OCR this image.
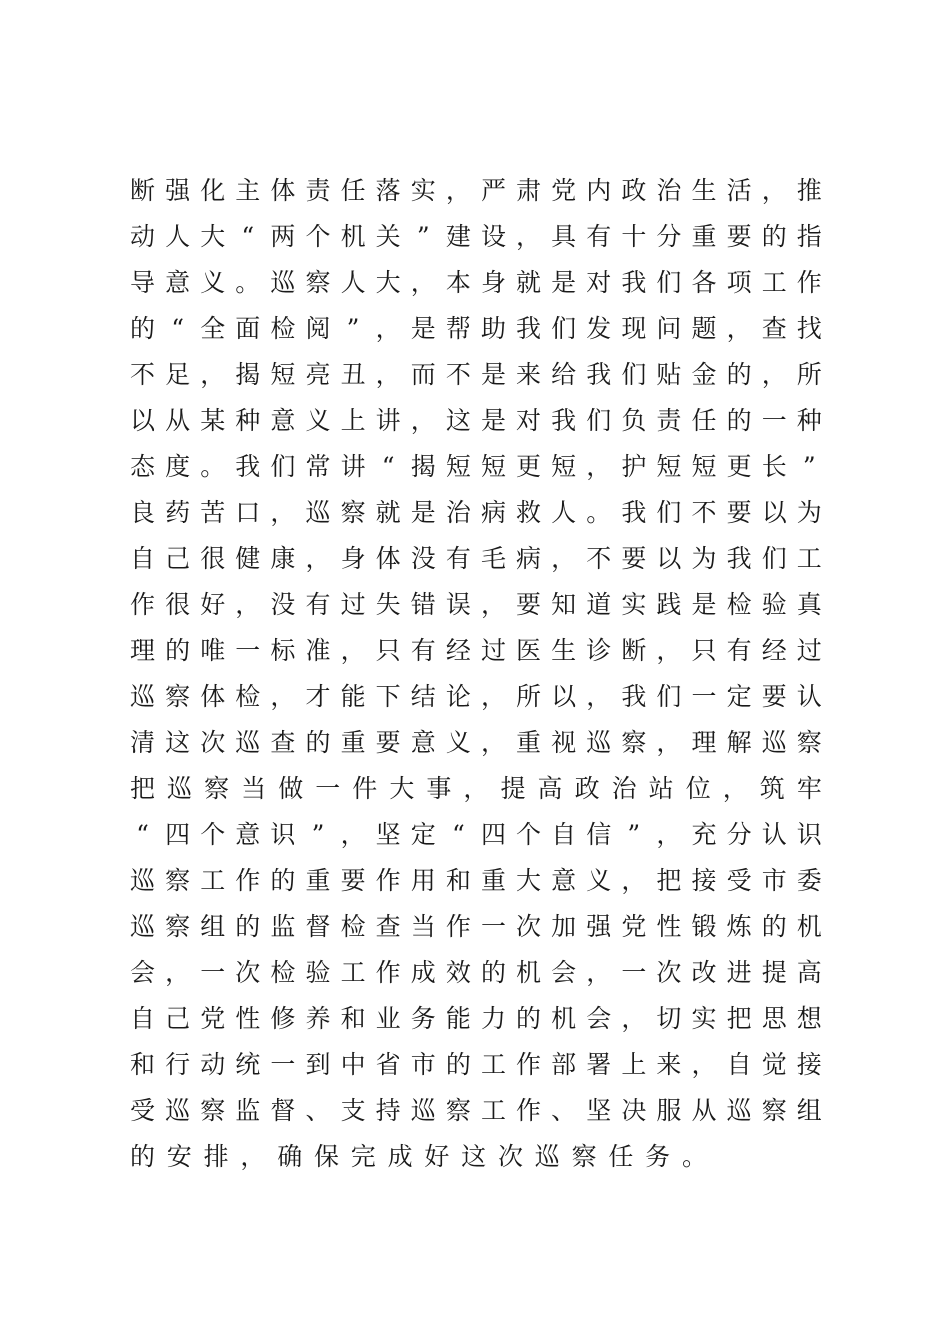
断 强 化 主 体 责 任 落 实 ， 严 肃 党 内 政 治 生 活 ， 推
动 人 大 “ 两 个 机 关 ” 建 设 ， 具 有 十 分 重 要 的 指
导 意 义 。 巡 察 人 大 ， 本 身 就 是 对 我 们 各 项 工 作
的 “ 全 面 检 阅 ” ， 是 帮 助 我 们 发 现 问 题 ， 查 找
不 足 ， 揭 短 亮 丑 ， 而 不 是 来 给 我 们 贴 金 的 ， 所
以 从 某 种 意 义 上 讲 ， 这 是 对 我 们 负 责 任 的 一 种
态 度 。 我 们 常 讲 “ 揭 短 短 更 短 ， 护 短 短 更 长 ”
良 药 苦 口 ， 巡 察 就 是 治 病 救 人 。 我 们 不 要 以 为
自 己 很 健 康 ， 身 体 没 有 毛 病 ， 不 要 以 为 我 们 工
作 很 好 ， 没 有 过 失 错 误 ， 要 知 道 实 践 是 检 验 真
理 的 唯 一 标 准 ， 只 有 经 过 医 生 诊 断 ， 只 有 经 过
巡 察 体 检 ， 才 能 下 结 论 ， 所 以 ， 我 们 一 定 要 认
清 这 次 巡 查 的 重 要 意 义 ， 重 视 巡 察 ， 理 解 巡 察
把 巡 察 当 做 一 件 大 事 ， 提 高 政 治 站 位 ， 筑 牢
“ 四 个 意 识 ” ， 坚 定 “ 四 个 自 信 ” ， 充 分 认 识
巡 察 工 作 的 重 要 作 用 和 重 大 意 义 ， 把 接 受 市 委
巡 察 组 的 监 督 检 查 当 作 一 次 加 强 党 性 锻 炼 的 机
会 ， 一 次 检 验 工 作 成 效 的 机 会 ， 一 次 改 进 提 高
自 己 党 性 修 养 和 业 务 能 力 的 机 会 ， 切 实 把 思 想
和 行 动 统 一 到 中 省 市 的 工 作 部 署 上 来 ， 自 觉 接
受 巡 察 监 督 、 支 持 巡 察 工 作 、 坚 决 服 从 巡 察 组
的 安 排 ， 确 保 完 成 好 这 次 巡 察 任 务 。
